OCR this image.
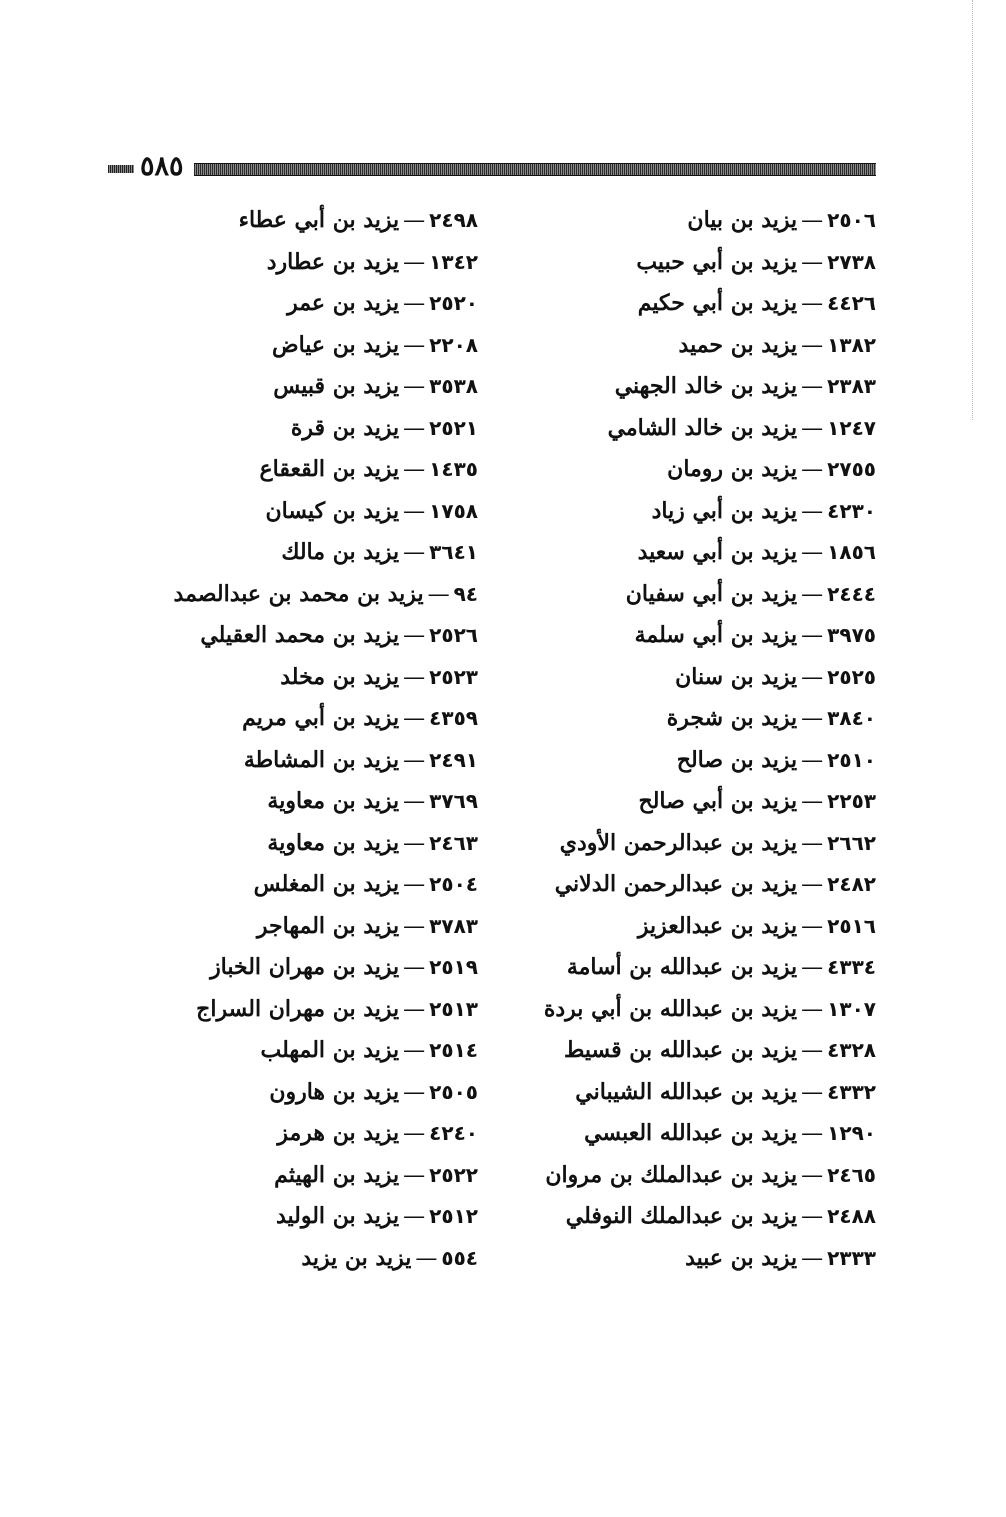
٥٨٥
٢٥٠٦—يزيد بن بيان
٢٧٣٨—يزيد بن أبي حبيب
٤٤٢٦—يزيد بن أبي حكيم
١٣٨٢—يزيد بن حميد
٢٣٨٣—يزيد بن خالد الجهني
١٢٤٧—يزيد بن خالد الشامي
٢٧٥٥—يزيد بن رومان
٤٢٣٠—يزيد بن أبي زياد
١٨٥٦—يزيد بن أبي سعيد
٢٤٤٤—يزيد بن أبي سفيان
٣٩٧٥—يزيد بن أبي سلمة
٢٥٢٥—يزيد بن سنان
٣٨٤٠—يزيد بن شجرة
٢٥١٠—يزيد بن صالح
٢٢٥٣—يزيد بن أبي صالح
٢٦٦٢—يزيد بن عبدالرحمن الأودي
٢٤٨٢—يزيد بن عبدالرحمن الدلاني
٢٥١٦—يزيد بن عبدالعزيز
٤٣٣٤—يزيد بن عبدالله بن أسامة
١٣٠٧—يزيد بن عبدالله بن أبي بردة
٤٣٢٨—يزيد بن عبدالله بن قسيط
٤٣٣٢—يزيد بن عبدالله الشيباني
١٢٩٠—يزيد بن عبدالله العبسي
٢٤٦٥—يزيد بن عبدالملك بن مروان
٢٤٨٨—يزيد بن عبدالملك النوفلي
٢٣٣٣—يزيد بن عبيد
٢٤٩٨—يزيد بن أبي عطاء
١٣٤٢—يزيد بن عطارد
٢٥٢٠—يزيد بن عمر
٢٢٠٨—يزيد بن عياض
٣٥٣٨—يزيد بن قبيس
٢٥٢١—يزيد بن قرة
١٤٣٥—يزيد بن القعقاع
١٧٥٨—يزيد بن كيسان
٣٦٤١—يزيد بن مالك
٩٤—يزيد بن محمد بن عبدالصمد
٢٥٢٦—يزيد بن محمد العقيلي
٢٥٢٣—يزيد بن مخلد
٤٣٥٩—يزيد بن أبي مريم
٢٤٩١—يزيد بن المشاطة
٣٧٦٩—يزيد بن معاوية
٢٤٦٣—يزيد بن معاوية
٢٥٠٤—يزيد بن المغلس
٣٧٨٣—يزيد بن المهاجر
٢٥١٩—يزيد بن مهران الخباز
٢٥١٣—يزيد بن مهران السراج
٢٥١٤—يزيد بن المهلب
٢٥٠٥—يزيد بن هارون
٤٢٤٠—يزيد بن هرمز
٢٥٢٢—يزيد بن الهيثم
٢٥١٢—يزيد بن الوليد
٥٥٤—يزيد بن يزيد
